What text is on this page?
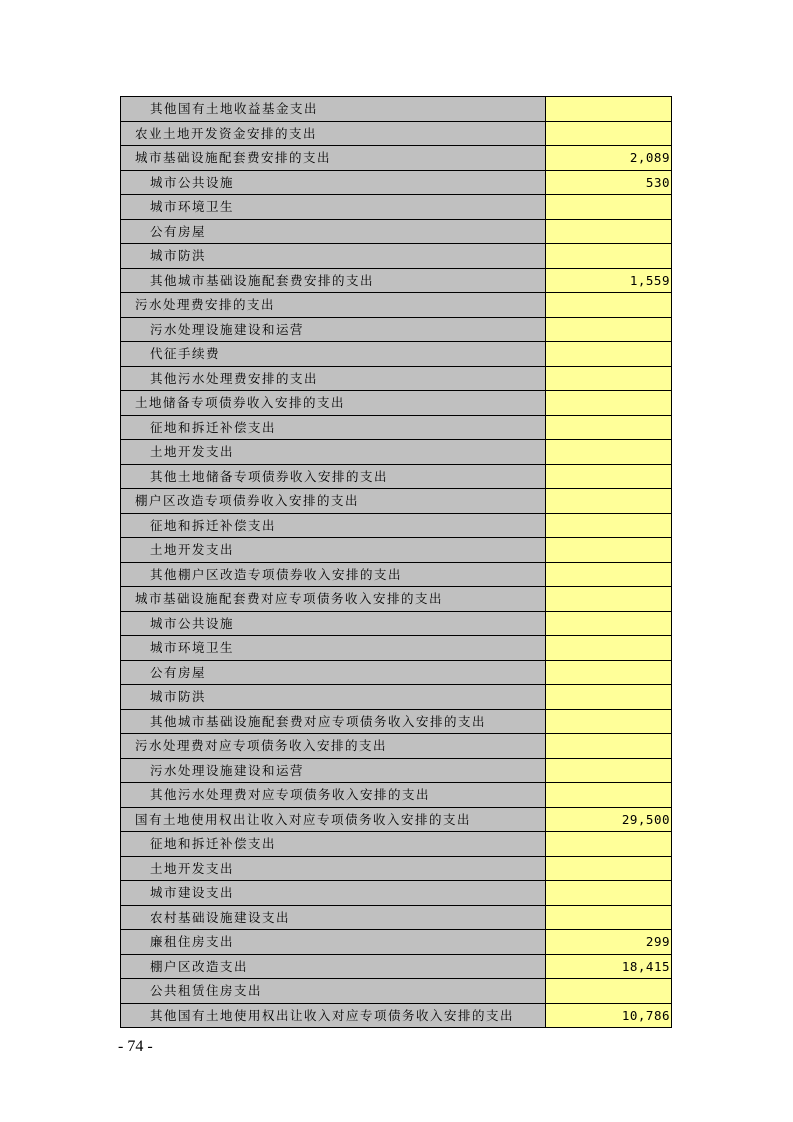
其他国有土地收益基金支出	
农业土地开发资金安排的支出	
城市基础设施配套费安排的支出	2,089
城市公共设施	530
城市环境卫生	
公有房屋	
城市防洪	
其他城市基础设施配套费安排的支出	1,559
污水处理费安排的支出	
污水处理设施建设和运营	
代征手续费	
其他污水处理费安排的支出	
土地储备专项债券收入安排的支出	
征地和拆迁补偿支出	
土地开发支出	
其他土地储备专项债券收入安排的支出	
棚户区改造专项债券收入安排的支出	
征地和拆迁补偿支出	
土地开发支出	
其他棚户区改造专项债券收入安排的支出	
城市基础设施配套费对应专项债务收入安排的支出	
城市公共设施	
城市环境卫生	
公有房屋	
城市防洪	
其他城市基础设施配套费对应专项债务收入安排的支出	
污水处理费对应专项债务收入安排的支出	
污水处理设施建设和运营	
其他污水处理费对应专项债务收入安排的支出	
国有土地使用权出让收入对应专项债务收入安排的支出	29,500
征地和拆迁补偿支出	
土地开发支出	
城市建设支出	
农村基础设施建设支出	
廉租住房支出	299
棚户区改造支出	18,415
公共租赁住房支出	
其他国有土地使用权出让收入对应专项债务收入安排的支出	10,786
- 74 -
